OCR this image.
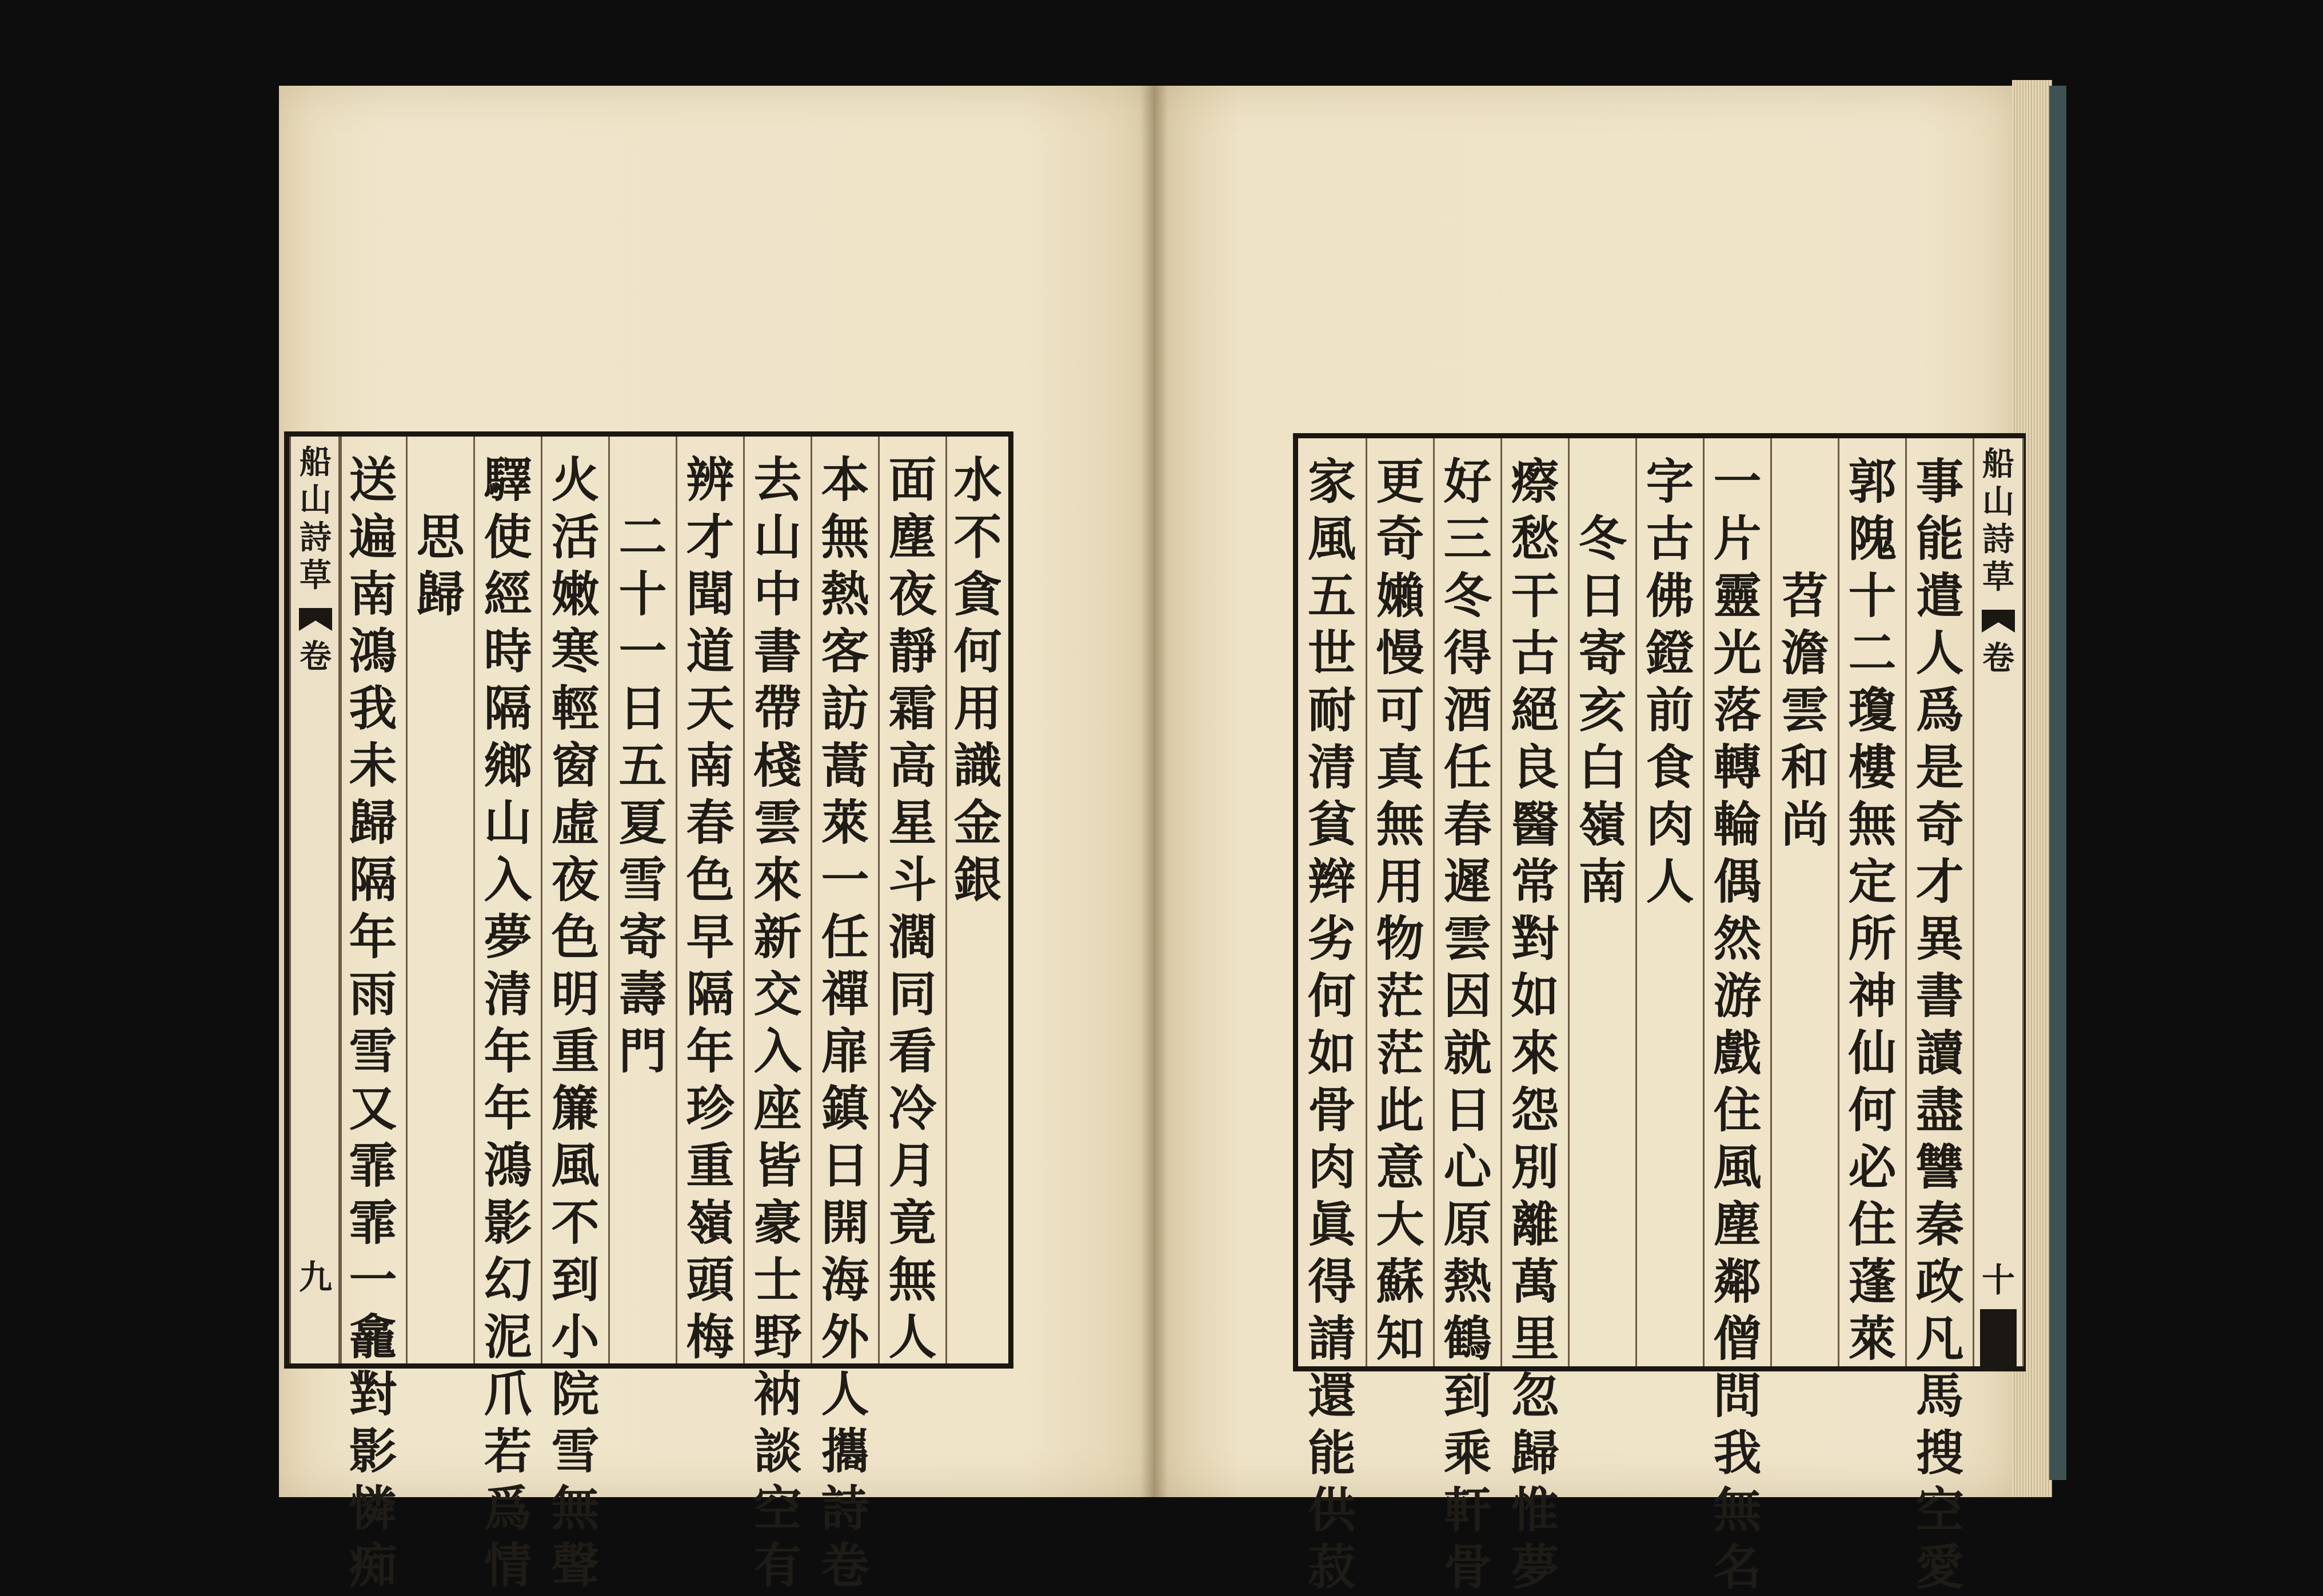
船山詩草
卷
九
送遍南鴻我未歸隔年雨雪又霏霏一龕對影憐痴
思歸
驛使經時隔鄉山入夢清年年鴻影幻泥爪若爲情
火活嫩寒輕窗虛夜色明重簾風不到小院雪無聲
二十一日五夏雪寄壽門
辨才聞道天南春色早隔年珍重嶺頭梅
去山中書帶棧雲來新交入座皆豪士野衲談空有
本無熱客訪蒿萊一任禪扉鎮日開海外人攜詩卷
面塵夜靜霜高星斗濶同看冷月竟無人
水不貪何用識金銀
家風五世耐清貧辫劣何如骨肉眞得請還能供菽
更奇嬾慢可真無用物茫茫此意大蘇知
好三冬得酒任春遲雲因就日心原熱鶴到乘軒骨
瘵愁干古絕良醫常對如來怨別離萬里忽歸惟夢
冬日寄亥白嶺南
字古佛鐙前食肉人
一片靈光落轉輪偶然游戲住風塵鄰僧問我無名
苕澹雲和尚
郭隗十二瓊樓無定所神仙何必住蓬萊
事能遣人爲是奇才異書讀盡讐秦政凡馬搜空愛
船山詩草
卷
十
